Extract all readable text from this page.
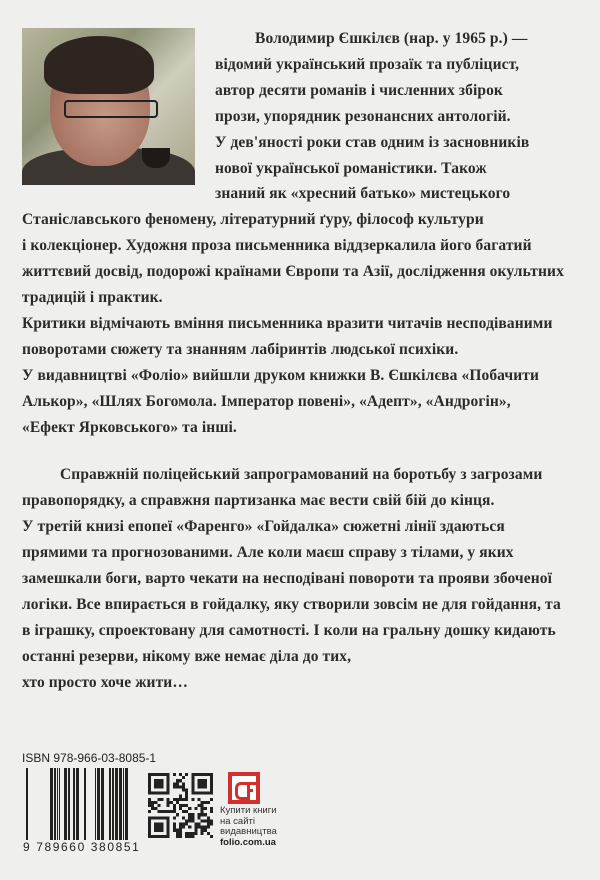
Володимир Єшкілєв (нар. у 1965 р.) —
відомий український прозаїк та публіцист,
автор десяти романів і численних збірок
прози, упорядник резонансних антологій.
У дев'яності роки став одним із засновників
нової української романістики. Також
знаний як «хресний батько» мистецького
Станіславського феномену, літературний ґуру, філософ культури
і колекціонер. Художня проза письменника віддзеркалила його багатий
життєвий досвід, подорожі країнами Європи та Азії, дослідження окультних
традицій і практик.
Критики відмічають вміння письменника вразити читачів несподіваними
поворотами сюжету та знанням лабіринтів людської психіки.
У видавництві «Фоліо» вийшли друком книжки В. Єшкілєва «Побачити
Алькор», «Шлях Богомола. Імператор повені», «Адепт», «Андрогін»,
«Ефект Ярковського» та інші.
Справжній поліцейський запрограмований на боротьбу з загрозами
правопорядку, а справжня партизанка має вести свій бій до кінця.
У третій книзі епопеї «Фаренго» «Гойдалка» сюжетні лінії здаються
прямими та прогнозованими. Але коли маєш справу з тілами, у яких
замешкали боги, варто чекати на несподівані повороти та прояви збоченої
логіки. Все впирається в гойдалку, яку створили зовсім не для гойдання, та
в іграшку, спроектовану для самотності. І коли на гральну дошку кидають
останні резерви, нікому вже немає діла до тих,
хто просто хоче жити…
ISBN 978-966-03-8085-1
9 789660 380851
Купити книги
на сайті
видавництва
folio.com.ua
